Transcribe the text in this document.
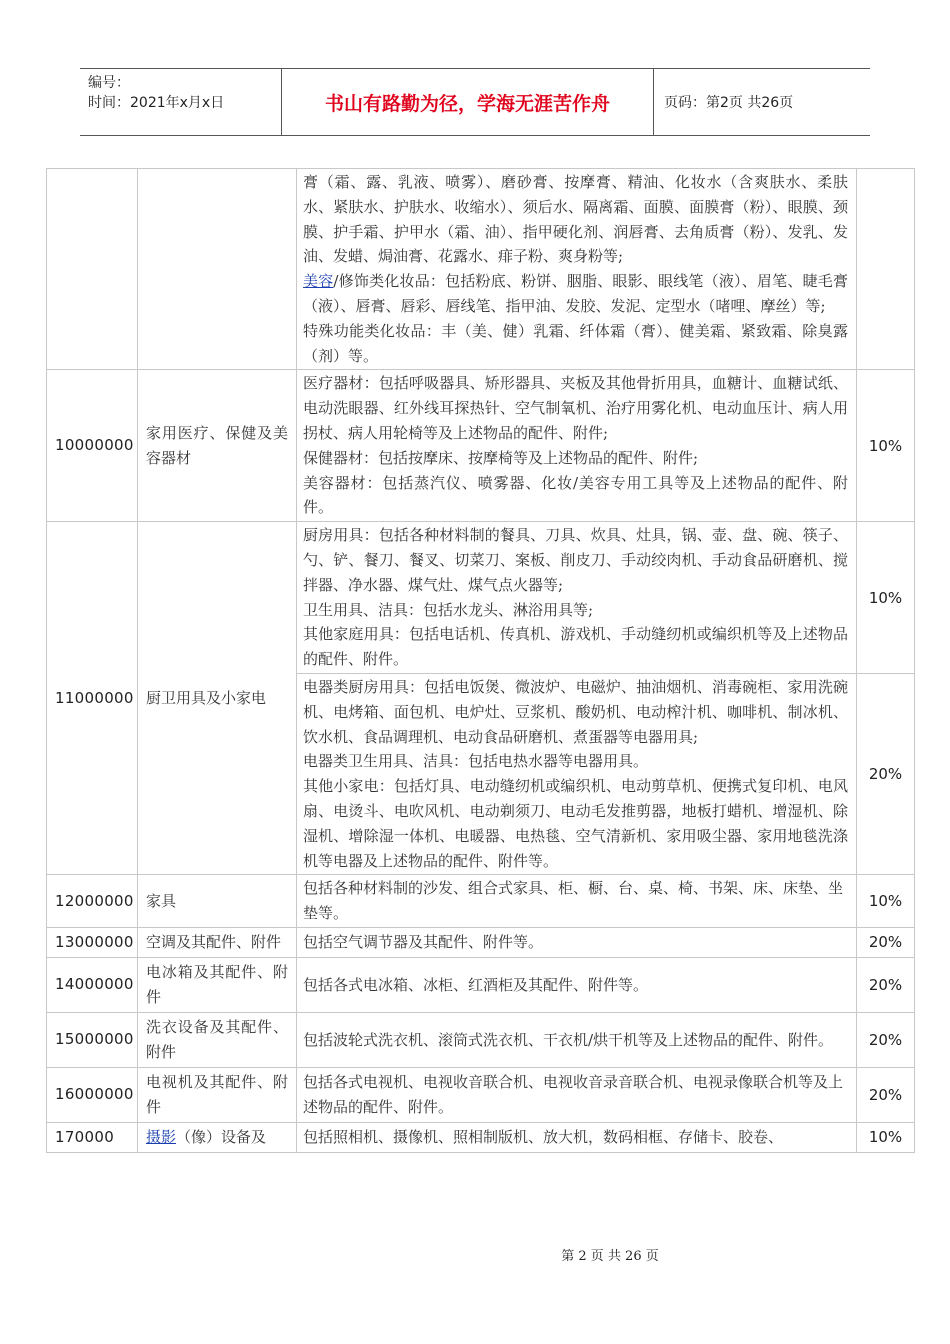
编号：
时间：2021年x月x日	书山有路勤为径，学海无涯苦作舟	页码：第2页 共26页

		膏（霜、露、乳液、喷雾）、磨砂膏、按摩膏、精油、化妆水（含爽肤水、柔肤水、紧肤水、护肤水、收缩水）、须后水、隔离霜、面膜、面膜膏（粉）、眼膜、颈膜、护手霜、护甲水（霜、油）、指甲硬化剂、润唇膏、去角质膏（粉）、发乳、发油、发蜡、焗油膏、花露水、痱子粉、爽身粉等;
美容/修饰类化妆品：包括粉底、粉饼、胭脂、眼影、眼线笔（液）、眉笔、睫毛膏（液）、唇膏、唇彩、唇线笔、指甲油、发胶、发泥、定型水（啫哩、摩丝）等;
特殊功能类化妆品：丰（美、健）乳霜、纤体霜（膏）、健美霜、紧致霜、除臭露（剂）等。	

10000000	家用医疗、保健及美容器材	医疗器材：包括呼吸器具、矫形器具、夹板及其他骨折用具，血糖计、血糖试纸、电动洗眼器、红外线耳探热针、空气制氧机、治疗用雾化机、电动血压计、病人用拐杖、病人用轮椅等及上述物品的配件、附件;
保健器材：包括按摩床、按摩椅等及上述物品的配件、附件;
美容器材：包括蒸汽仪、喷雾器、化妆/美容专用工具等及上述物品的配件、附件。	10%
11000000	厨卫用具及小家电	厨房用具：包括各种材料制的餐具、刀具、炊具、灶具，锅、壶、盘、碗、筷子、勺、铲、餐刀、餐叉、切菜刀、案板、削皮刀、手动绞肉机、手动食品研磨机、搅拌器、净水器、煤气灶、煤气点火器等;
卫生用具、洁具：包括水龙头、淋浴用具等;
其他家庭用具：包括电话机、传真机、游戏机、手动缝纫机或编织机等及上述物品的配件、附件。	10%

		电器类厨房用具：包括电饭煲、微波炉、电磁炉、抽油烟机、消毒碗柜、家用洗碗机、电烤箱、面包机、电炉灶、豆浆机、酸奶机、电动榨汁机、咖啡机、制冰机、饮水机、食品调理机、电动食品研磨机、煮蛋器等电器用具;
电器类卫生用具、洁具：包括电热水器等电器用具。
其他小家电：包括灯具、电动缝纫机或编织机、电动剪草机、便携式复印机、电风扇、电烫斗、电吹风机、电动剃须刀、电动毛发推剪器，地板打蜡机、增湿机、除湿机、增除湿一体机、电暖器、电热毯、空气清新机、家用吸尘器、家用地毯洗涤机等电器及上述物品的配件、附件等。	20%
12000000	家具	包括各种材料制的沙发、组合式家具、柜、橱、台、桌、椅、书架、床、床垫、坐垫等。	10%
13000000	空调及其配件、附件	包括空气调节器及其配件、附件等。	20%
14000000	电冰箱及其配件、附件	包括各式电冰箱、冰柜、红酒柜及其配件、附件等。	20%
15000000	洗衣设备及其配件、附件	包括波轮式洗衣机、滚筒式洗衣机、干衣机/烘干机等及上述物品的配件、附件。	20%
16000000	电视机及其配件、附件	包括各式电视机、电视收音联合机、电视收音录音联合机、电视录像联合机等及上述物品的配件、附件。	20%
170000	摄影（像）设备及	包括照相机、摄像机、照相制版机、放大机，数码相框、存储卡、胶卷、	10%
第 2 页 共 26 页
